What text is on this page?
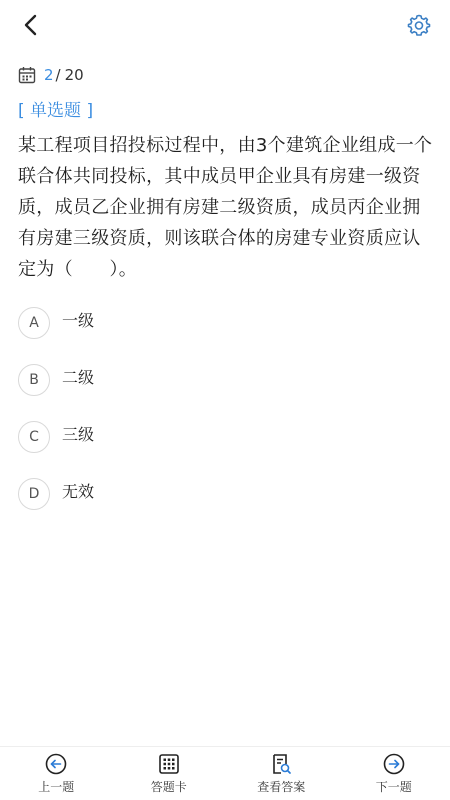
2 / 20
[ 单选题 ]
某工程项目招投标过程中，由3个建筑企业组成一个联合体共同投标，其中成员甲企业具有房建一级资质，成员乙企业拥有房建二级资质，成员丙企业拥有房建三级资质，则该联合体的房建专业资质应认定为（　　）。
A	一级
B	二级
C	三级
D	无效
上一题	答题卡	查看答案	下一题
